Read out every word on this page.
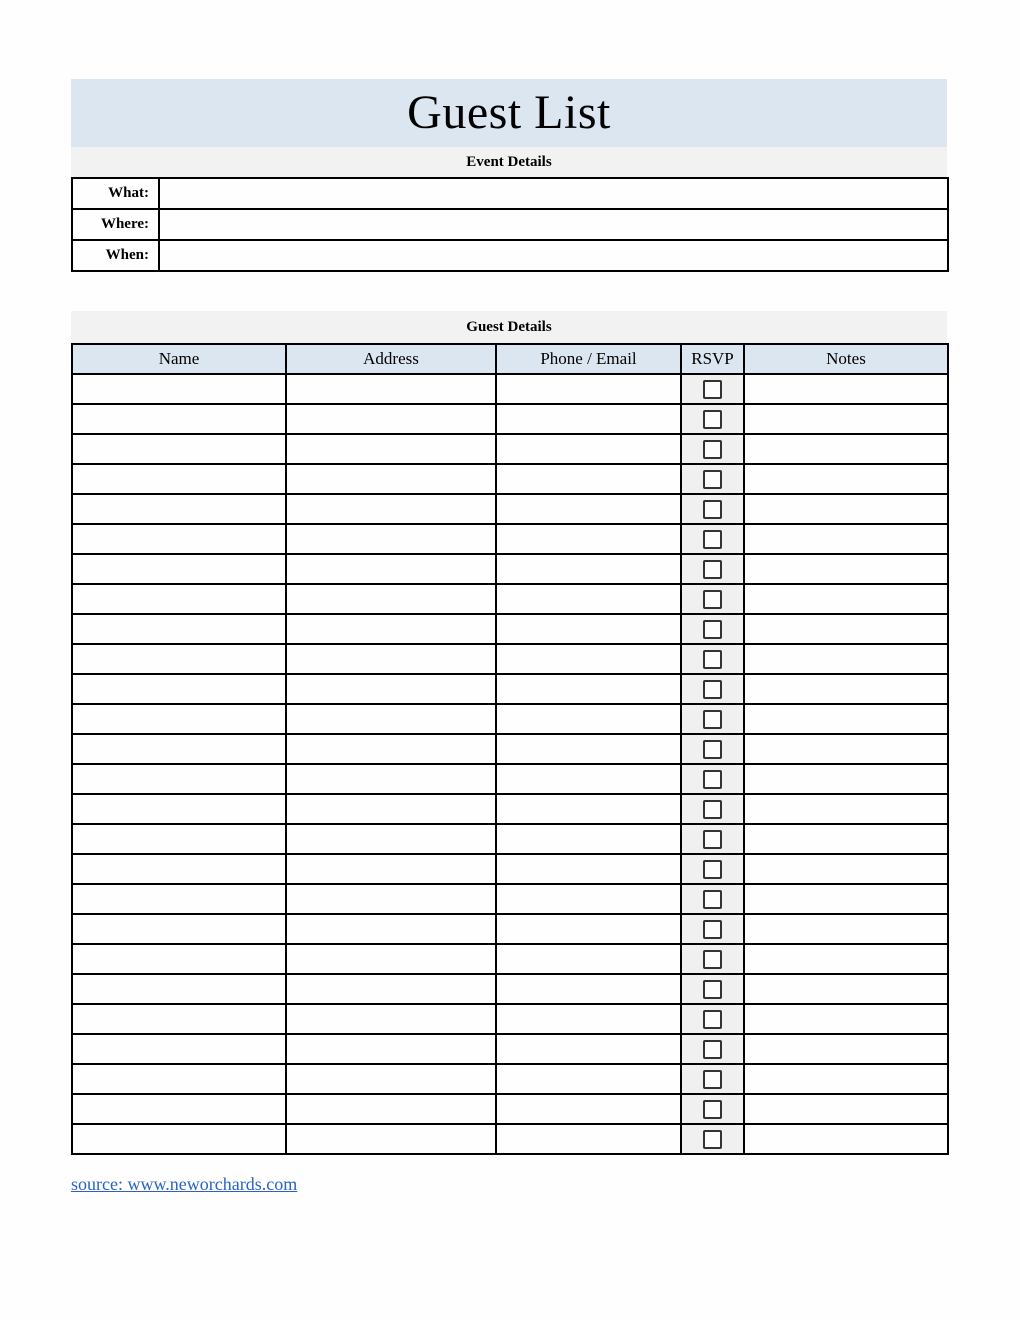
Guest List
Event Details
What:	
Where:	
When:	
Guest Details
Name	Address	Phone / Email	RSVP	Notes

source: www.neworchards.com
